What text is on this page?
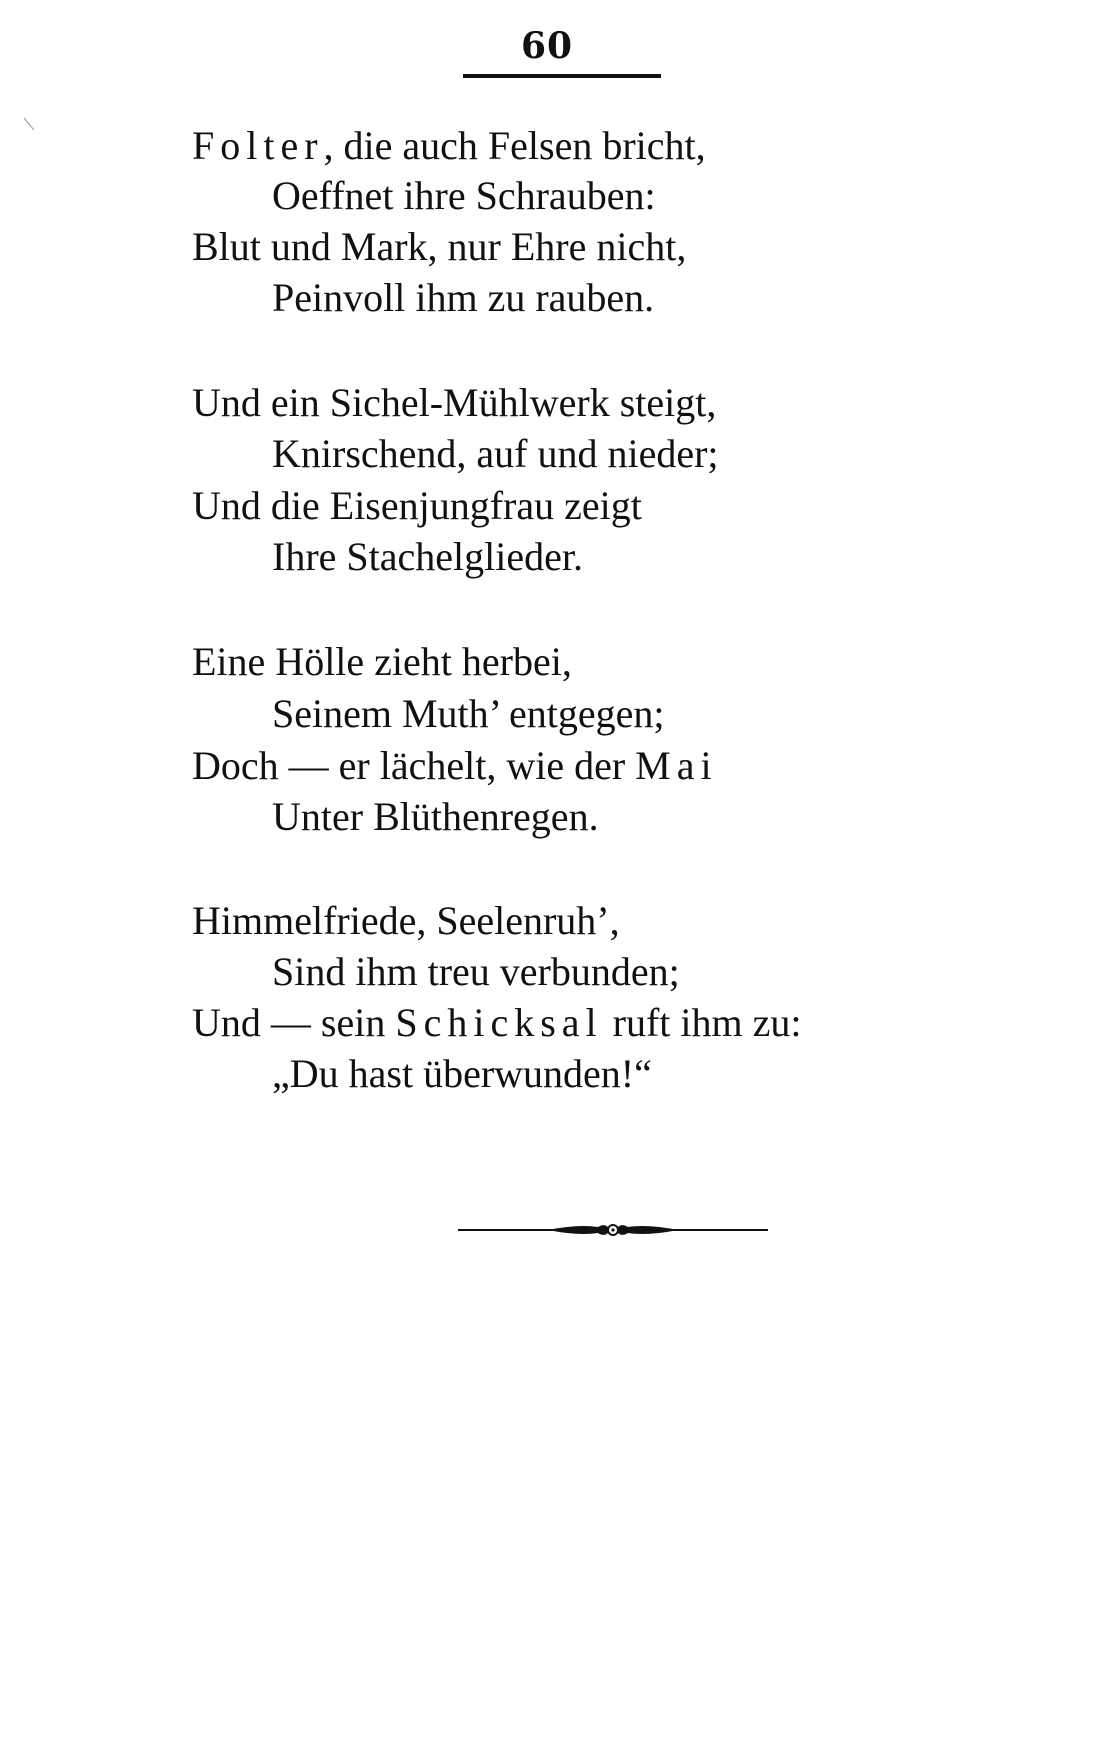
60
Folter, die auch Felsen bricht,
Oeffnet ihre Schrauben:
Blut und Mark, nur Ehre nicht,
Peinvoll ihm zu rauben.
Und ein Sichel-Mühlwerk steigt,
Knirschend, auf und nieder;
Und die Eisenjungfrau zeigt
Ihre Stachelglieder.
Eine Hölle zieht herbei,
Seinem Muth’ entgegen;
Doch — er lächelt, wie der Mai
Unter Blüthenregen.
Himmelfriede, Seelenruh’,
Sind ihm treu verbunden;
Und — sein Schicksal ruft ihm zu:
„Du hast überwunden!“
